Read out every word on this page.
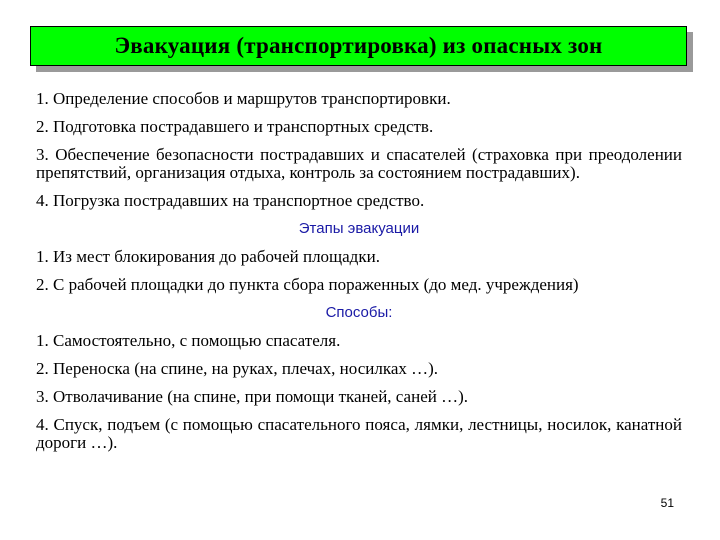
Эвакуация (транспортировка) из опасных зон

1. Определение способов и маршрутов транспортировки.

2. Подготовка пострадавшего и транспортных средств.

3. Обеспечение безопасности пострадавших и спасателей (страховка при преодолении препятствий, организация отдыха, контроль за состоянием пострадавших).

4. Погрузка пострадавших на транспортное средство.

Этапы эвакуации

1. Из мест блокирования до рабочей площадки.

2. С рабочей площадки до пункта сбора пораженных (до мед. учреждения)

Способы:

1. Самостоятельно, с помощью спасателя.

2. Переноска (на спине, на руках, плечах, носилках …).

3. Отволачивание (на спине, при помощи тканей, саней …).

4. Спуск, подъем (с помощью спасательного пояса, лямки, лестницы, носилок, канатной дороги …).

51
